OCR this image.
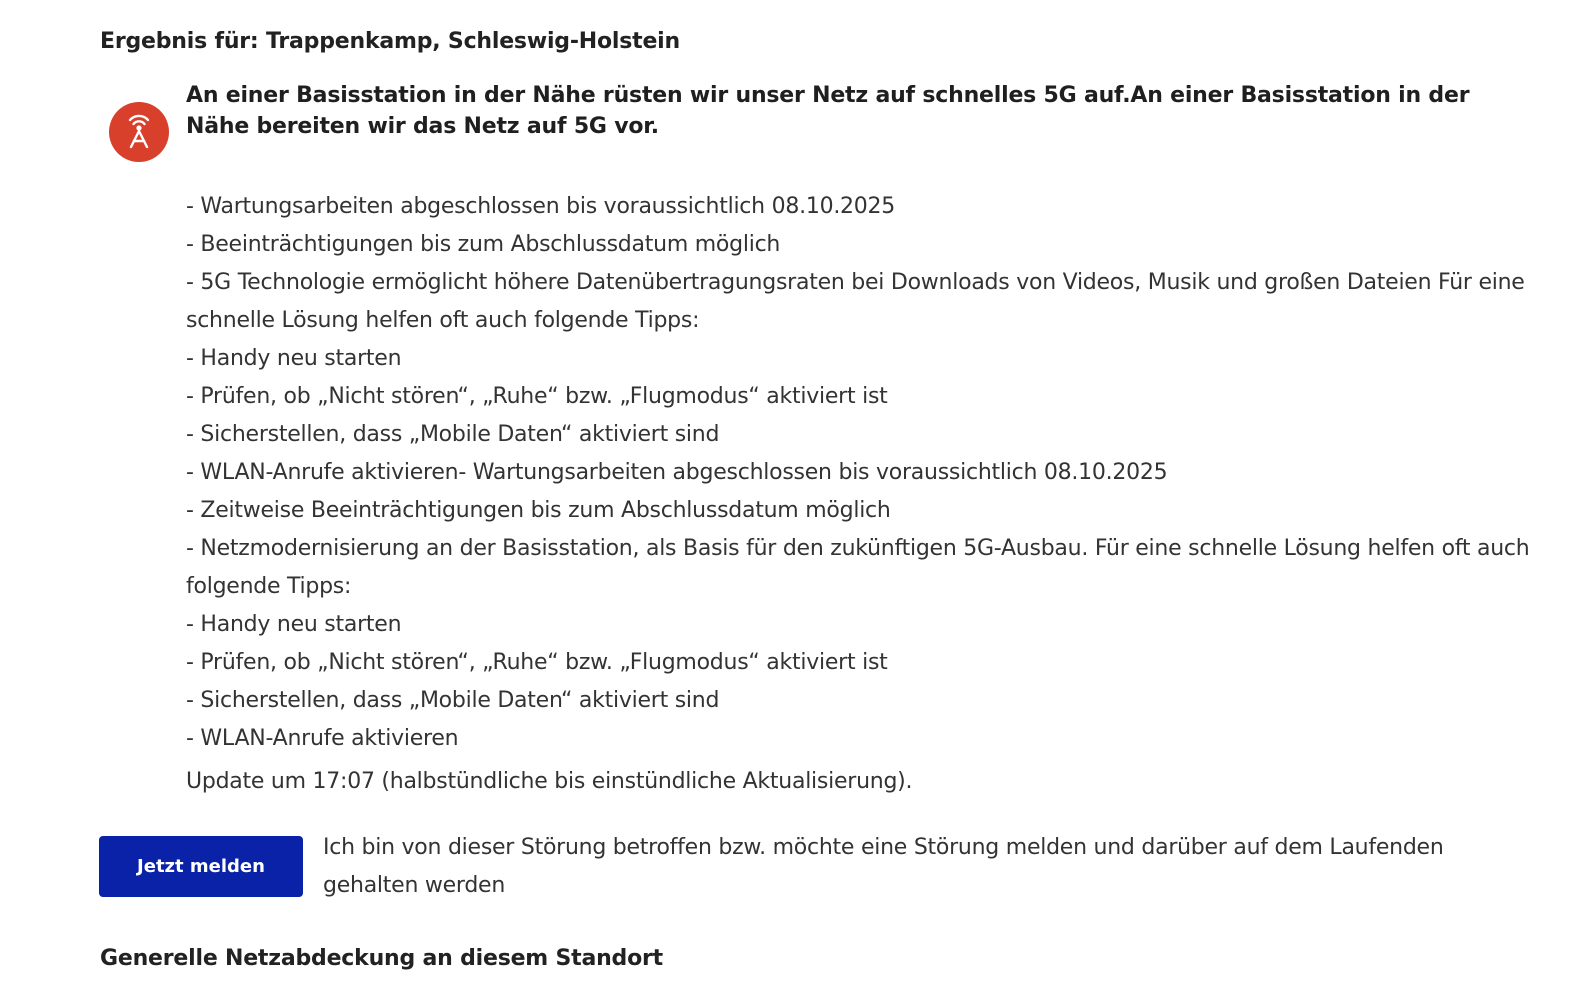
Ergebnis für: Trappenkamp, Schleswig-Holstein

An einer Basisstation in der Nähe rüsten wir unser Netz auf schnelles 5G auf.An einer Basisstation in der Nähe bereiten wir das Netz auf 5G vor.

- Wartungsarbeiten abgeschlossen bis voraussichtlich 08.10.2025
- Beeinträchtigungen bis zum Abschlussdatum möglich
- 5G Technologie ermöglicht höhere Datenübertragungsraten bei Downloads von Videos, Musik und großen Dateien Für eine schnelle Lösung helfen oft auch folgende Tipps:
- Handy neu starten
- Prüfen, ob „Nicht stören“, „Ruhe“ bzw. „Flugmodus“ aktiviert ist
- Sicherstellen, dass „Mobile Daten“ aktiviert sind
- WLAN-Anrufe aktivieren- Wartungsarbeiten abgeschlossen bis voraussichtlich 08.10.2025
- Zeitweise Beeinträchtigungen bis zum Abschlussdatum möglich
- Netzmodernisierung an der Basisstation, als Basis für den zukünftigen 5G-Ausbau. Für eine schnelle Lösung helfen oft auch folgende Tipps:
- Handy neu starten
- Prüfen, ob „Nicht stören“, „Ruhe“ bzw. „Flugmodus“ aktiviert ist
- Sicherstellen, dass „Mobile Daten“ aktiviert sind
- WLAN-Anrufe aktivieren

Update um 17:07 (halbstündliche bis einstündliche Aktualisierung).

Jetzt melden

Ich bin von dieser Störung betroffen bzw. möchte eine Störung melden und darüber auf dem Laufenden gehalten werden

Generelle Netzabdeckung an diesem Standort
